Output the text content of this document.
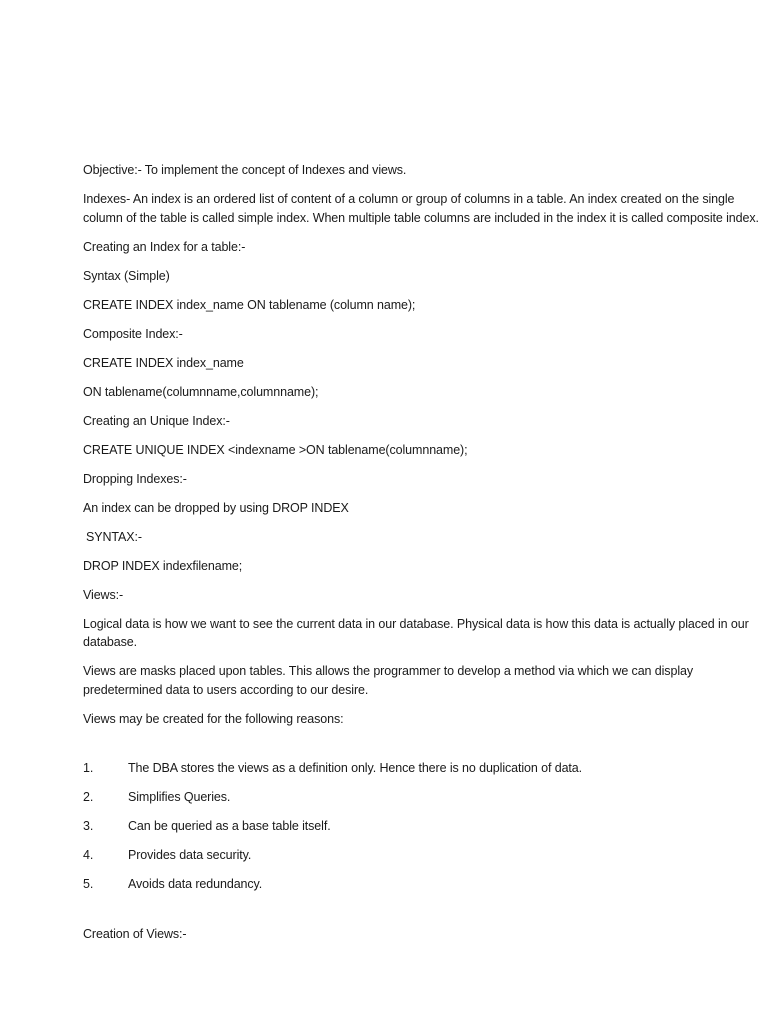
Objective:- To implement the concept of Indexes and views.

Indexes- An index is an ordered list of content of a column or group of columns in a table. An index created on the single column of the table is called simple index. When multiple table columns are included in the index it is called composite index.

Creating an Index for a table:-

Syntax (Simple)

CREATE INDEX index_name ON tablename (column name);

Composite Index:-

CREATE INDEX index_name

ON tablename(columnname,columnname);

Creating an Unique Index:-

CREATE UNIQUE INDEX <indexname >ON tablename(columnname);

Dropping Indexes:-

An index can be dropped by using DROP INDEX

SYNTAX:-

DROP INDEX indexfilename;

Views:-

Logical data is how we want to see the current data in our database. Physical data is how this data is actually placed in our database.

Views are masks placed upon tables. This allows the programmer to develop a method via which we can display predetermined data to users according to our desire.

Views may be created for the following reasons:

1.	The DBA stores the views as a definition only. Hence there is no duplication of data.
2.	Simplifies Queries.
3.	Can be queried as a base table itself.
4.	Provides data security.
5.	Avoids data redundancy.

Creation of Views:-
